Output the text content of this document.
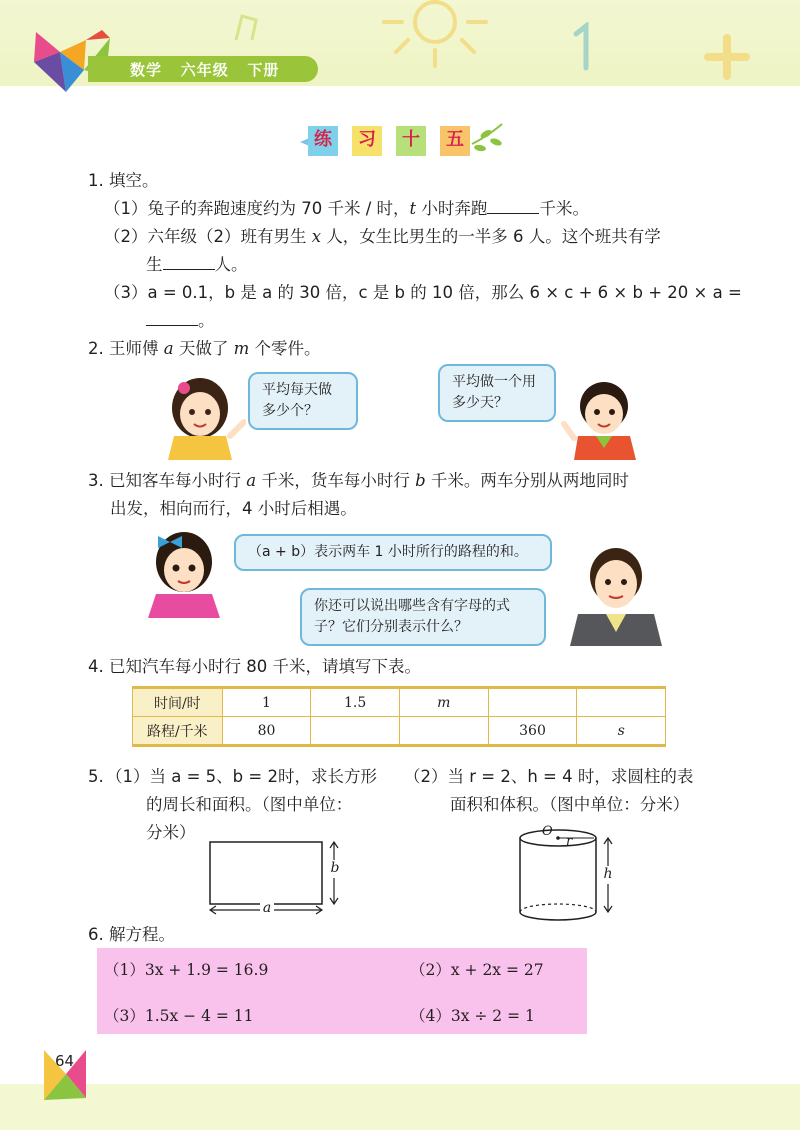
数学 六年级 下册
练	习	十	五
1. 填空。
（1）兔子的奔跑速度约为 70 千米 / 时，t 小时奔跑	千米。
（2）六年级（2）班有男生 x 人，女生比男生的一半多 6 人。这个班共有学
生	人。
（3）a = 0.1，b 是 a 的 30 倍，c 是 b 的 10 倍，那么 6 × c + 6 × b + 20 × a =
。
2. 王师傅 a 天做了 m 个零件。
平均每天做多少个？
平均做一个用多少天？
3. 已知客车每小时行 a 千米，货车每小时行 b 千米。两车分别从两地同时
出发，相向而行，4 小时后相遇。
（a + b）表示两车 1 小时所行的路程的和。
你还可以说出哪些含有字母的式子？它们分别表示什么？
4. 已知汽车每小时行 80 千米，请填写下表。
时间/时	1	1.5	m		
路程/千米	80			360	s
5. （1）当 a = 5、b = 2时，求长方形
的周长和面积。（图中单位：
分米）
（2）当 r = 2、h = 4 时，求圆柱的表
面积和体积。（图中单位：分米）
b
a
O
r
h
6. 解方程。
（1）3x + 1.9 = 16.9	（2）x + 2x = 27
（3）1.5x − 4 = 11	（4）3x ÷ 2 = 1
64
